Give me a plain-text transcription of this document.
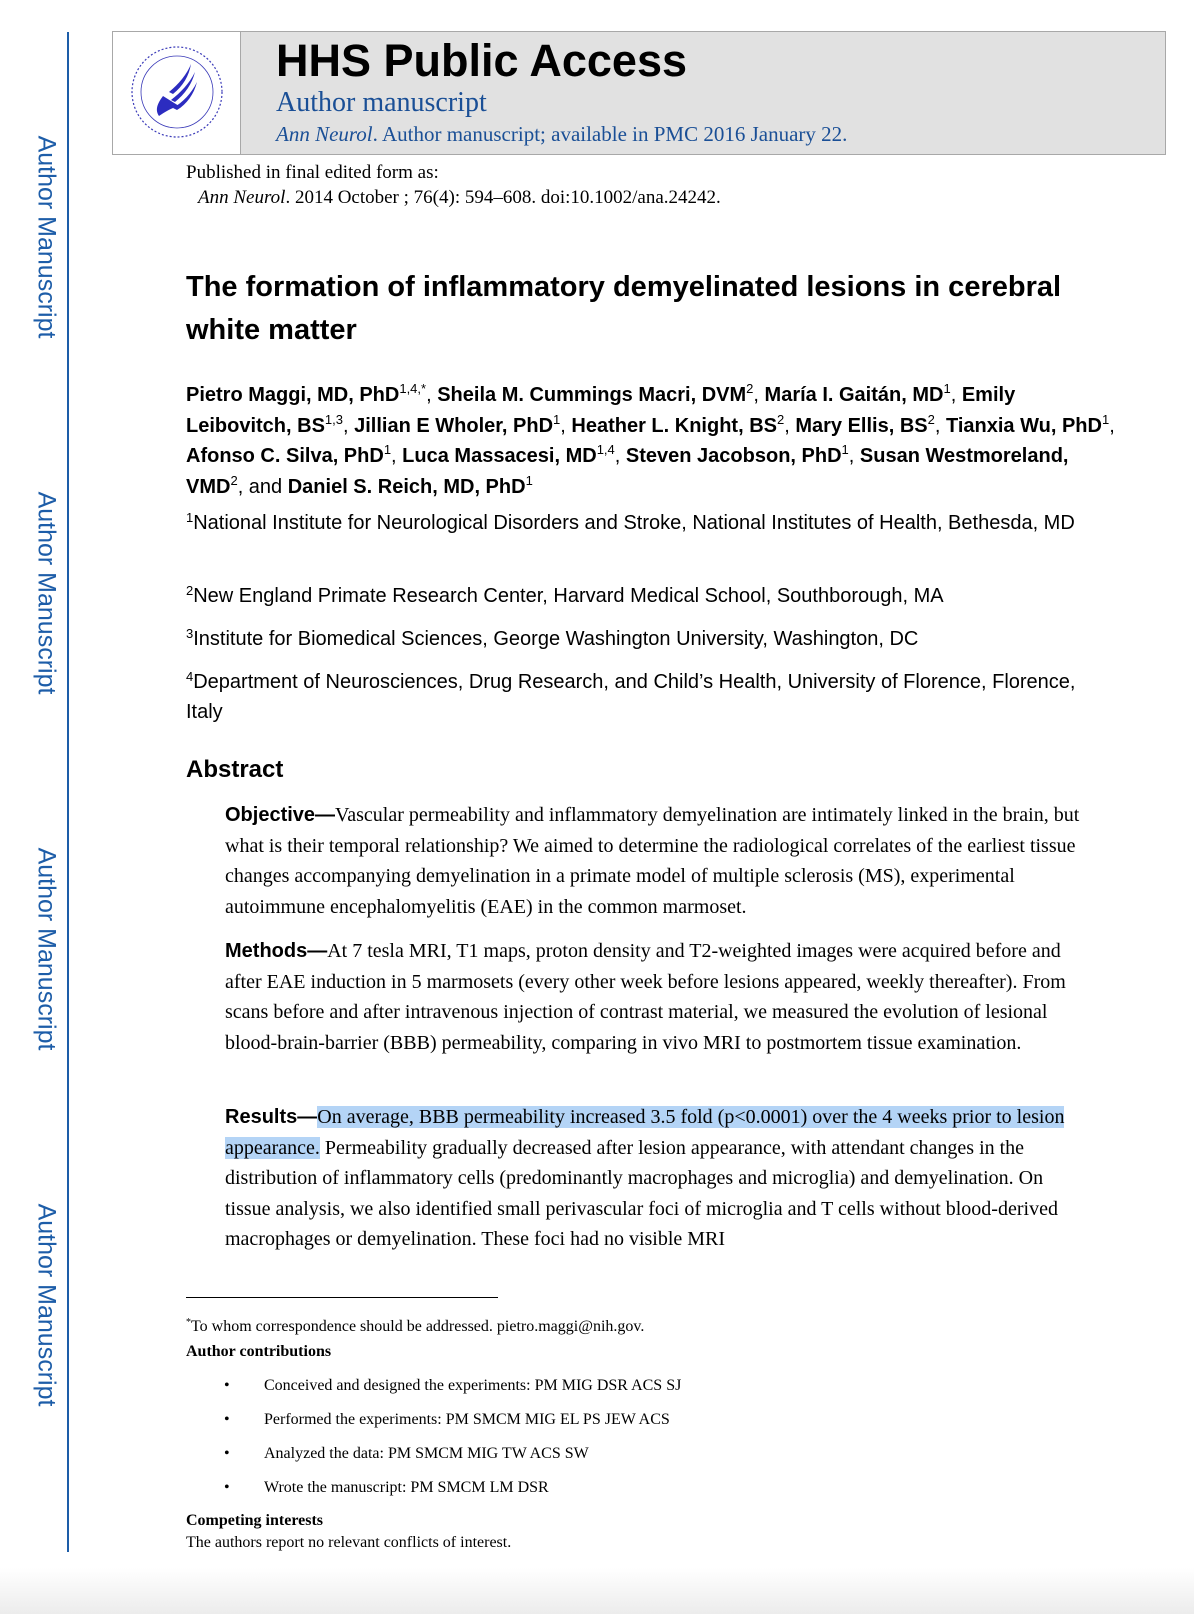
Author Manuscript
Author Manuscript
Author Manuscript
Author Manuscript
HHS Public Access
Author manuscript
Ann Neurol. Author manuscript; available in PMC 2016 January 22.
Published in final edited form as:
Ann Neurol. 2014 October ; 76(4): 594–608. doi:10.1002/ana.24242.
The formation of inflammatory demyelinated lesions in cerebral white matter
Pietro Maggi, MD, PhD$^{1,4,*}$, Sheila M. Cummings Macri, DVM$^2$, María I. Gaitán, $MD^1$, Emily Leibovitch, BS$^{1,3}$, Jillian E Wholer, PhD$^1$, Heather L. Knight, $BS^2$, Mary Ellis, $BS^2$, Tianxia Wu, PhD$^1$, Afonso C. Silva, PhD$^1$, Luca Massacesi, MD$^{1,4}$, Steven Jacobson, PhD$^1$, Susan Westmoreland, VMD$^2$, and Daniel S. Reich, MD, PhD$^1$
$^1$National Institute for Neurological Disorders and Stroke, National Institutes of Health, Bethesda, MD
$^2$New England Primate Research Center, Harvard Medical School, Southborough, MA
$^3$Institute for Biomedical Sciences, George Washington University, Washington, DC
$^4$Department of Neurosciences, Drug Research, and Child’s Health, University of Florence, Florence, Italy
Abstract
Objective—Vascular permeability and inflammatory demyelination are intimately linked in the brain, but what is their temporal relationship? We aimed to determine the radiological correlates of the earliest tissue changes accompanying demyelination in a primate model of multiple sclerosis (MS), experimental autoimmune encephalomyelitis (EAE) in the common marmoset.
Methods—At 7 tesla MRI, T1 maps, proton density and T2-weighted images were acquired before and after EAE induction in 5 marmosets (every other week before lesions appeared, weekly thereafter). From scans before and after intravenous injection of contrast material, we measured the evolution of lesional blood-brain-barrier (BBB) permeability, comparing in vivo MRI to postmortem tissue examination.
Results—On average, BBB permeability increased 3.5 fold (p<0.0001) over the 4 weeks prior to lesion appearance. Permeability gradually decreased after lesion appearance, with attendant changes in the distribution of inflammatory cells (predominantly macrophages and microglia) and demyelination. On tissue analysis, we also identified small perivascular foci of microglia and T cells without blood-derived macrophages or demyelination. These foci had no visible MRI
*To whom correspondence should be addressed. pietro.maggi@nih.gov.
Author contributions
• Conceived and designed the experiments: PM MIG DSR ACS SJ
• Performed the experiments: PM SMCM MIG EL PS JEW ACS
• Analyzed the data: PM SMCM MIG TW ACS SW
• Wrote the manuscript: PM SMCM LM DSR
Competing interests
The authors report no relevant conflicts of interest.
